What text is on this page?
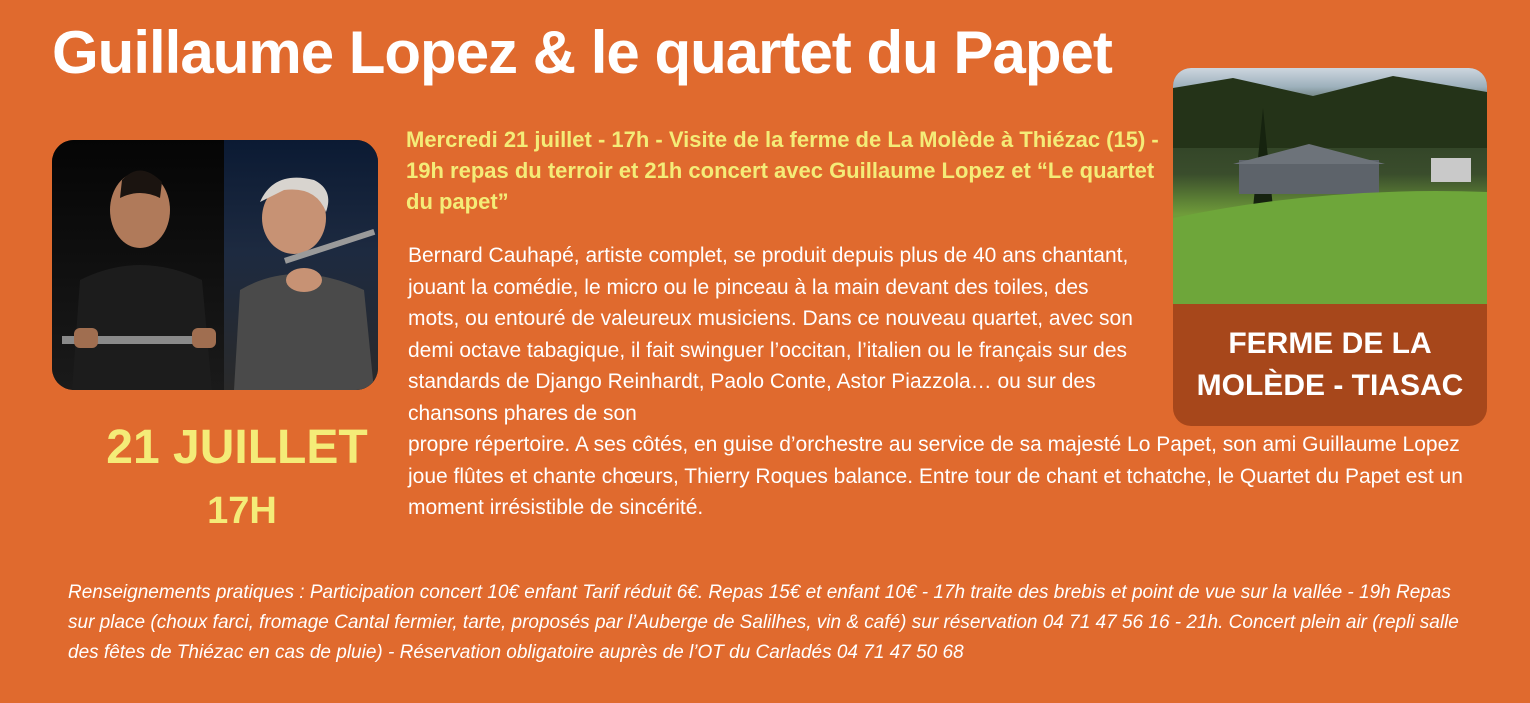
Guillaume Lopez & le quartet du Papet
21 JUILLET
17H
Mercredi 21 juillet - 17h - Visite de la ferme de La Molède à Thiézac (15) - 19h repas du terroir et 21h concert avec Guillaume Lopez et “Le quartet du papet”
Bernard Cauhapé, artiste complet, se produit depuis plus de 40 ans chantant, jouant la comédie, le micro ou le pinceau à la main devant des toiles, des mots, ou entouré de valeureux musiciens. Dans ce nouveau quartet, avec son demi octave tabagique, il fait swinguer l’occitan, l’italien ou le français sur des standards de Django Reinhardt, Paolo Conte, Astor Piazzola… ou sur des chansons phares de son
propre répertoire. A ses côtés, en guise d’orchestre au service de sa majesté Lo Papet, son ami Guillaume Lopez joue flûtes et chante chœurs, Thierry Roques balance. Entre tour de chant et tchatche, le Quartet du Papet est un moment irrésistible de sincérité.
FERME DE LA
MOLÈDE - TIASAC
Renseignements pratiques : Participation concert 10€ enfant Tarif réduit 6€. Repas 15€ et enfant 10€ - 17h traite des brebis et point de vue sur la vallée - 19h Repas sur place (choux farci, fromage Cantal fermier, tarte, proposés par l’Auberge de Salilhes, vin & café) sur réservation 04 71 47 56 16 - 21h. Concert plein air (repli salle des fêtes de Thiézac en cas de pluie) - Réservation obligatoire auprès de l’OT du Carladés 04 71 47 50 68
